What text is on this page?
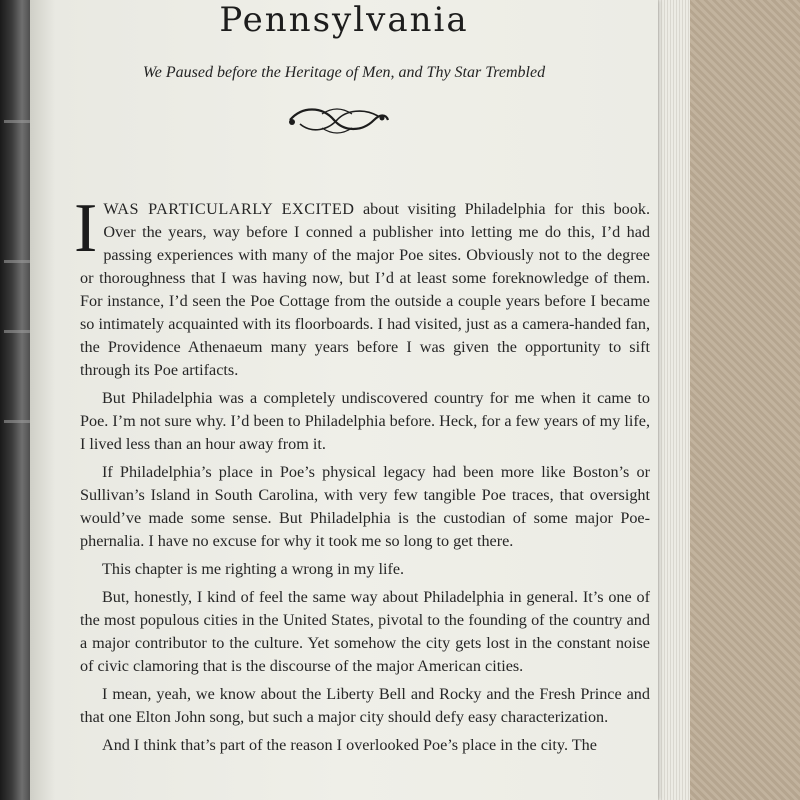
Pennsylvania
We Paused before the Heritage of Men, and Thy Star Trembled

IWAS PARTICULARLY EXCITED about visiting Philadelphia for this book. Over the years, way before I conned a publisher into letting me do this, I’d had passing experiences with many of the major Poe sites. Obviously not to the degree or thoroughness that I was having now, but I’d at least some foreknowledge of them. For instance, I’d seen the Poe Cottage from the outside a couple years before I became so intimately acquainted with its floorboards. I had visited, just as a camera-handed fan, the Providence Athenaeum many years before I was given the opportunity to sift through its Poe artifacts.

But Philadelphia was a completely undiscovered country for me when it came to Poe. I’m not sure why. I’d been to Philadelphia before. Heck, for a few years of my life, I lived less than an hour away from it.

If Philadelphia’s place in Poe’s physical legacy had been more like Boston’s or Sullivan’s Island in South Carolina, with very few tangible Poe traces, that oversight would’ve made some sense. But Philadelphia is the custodian of some major Poe-phernalia. I have no excuse for why it took me so long to get there.

This chapter is me righting a wrong in my life.

But, honestly, I kind of feel the same way about Philadelphia in general. It’s one of the most populous cities in the United States, pivotal to the founding of the country and a major contributor to the culture. Yet somehow the city gets lost in the constant noise of civic clamoring that is the discourse of the major American cities.

I mean, yeah, we know about the Liberty Bell and Rocky and the Fresh Prince and that one Elton John song, but such a major city should defy easy characterization.

And I think that’s part of the reason I overlooked Poe’s place in the city. The
